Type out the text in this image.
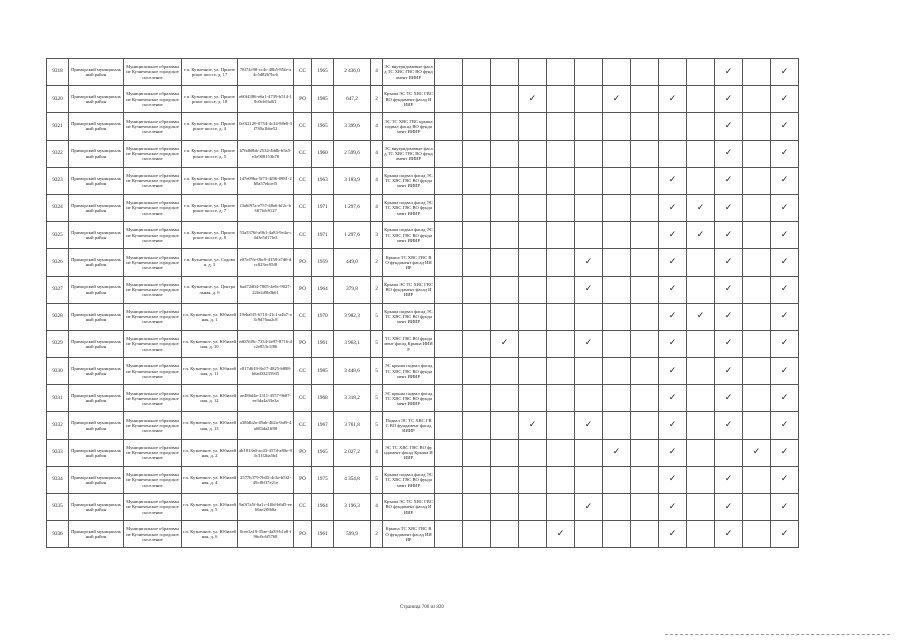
9318	Приморский муниципальный район	Муниципальное образование Кузнеченское городское поселение	г.п. Кузнечное, ул. Приозерское шоссе, д. 17	78f74c98-cc4c-48b5-85fe-a4c5d82b7bc6	СС	1965	2 436,0	4	ЭС внутридомовые фасад ТС ХВС ГВС ВО фундамент ИИИР											✓		✓
9320	Приморский муниципальный район	Муниципальное образование Кузнеченское городское поселение	г.п. Кузнечное, ул. Приозерское шоссе, д. 18	e60f4386-e6a1-4739-b514-19c0cfd3a0f1	РО	1985	647,2	2	Крыша ЭС ТС ХВС ГВС ВО фундамент фасад ИИИР				✓			✓		✓		✓		✓
9321	Приморский муниципальный район	Муниципальное образование Кузнеченское городское поселение	г.п. Кузнечное, ул. Приозерское шоссе, д. 4	0c0f2129-0754-4c34-98e0-3f730a1bbe52	СС	1965	3 399,6	4	ЭС ТС ХВС ГВС крыша подвал фасад ВО фундамент ИИИР											✓		✓
9322	Приморский муниципальный район	Муниципальное образование Кузнеченское городское поселение	г.п. Кузнечное, ул. Приозерское шоссе, д. 5	b76d68bb-2534-4ddb-b5a5-e3e908153b78	СС	1960	2 599,6	4	ЭС внутридомовые фасад ТС ХВС ГВС ВО фундамент ИИИР											✓		✓
9323	Приморский муниципальный район	Муниципальное образование Кузнеченское городское поселение	г.п. Кузнечное, ул. Приозерское шоссе, д. 6	1d7e09ba-5f73-4f96-8981-2b8a57ebcef5	СС	1963	3 183,9	4	Крыша подвал фасад ЭС ТС ХВС ГВС ВО фундамент ИИИР									✓		✓		✓
9324	Приморский муниципальный район	Муниципальное образование Кузнеченское городское поселение	г.п. Кузнечное, ул. Приозерское шоссе, д. 7	f3a6f97a-e757-48a6-bf2c-b3ff7fdc9127	СС	1971	1 297,6	4	Крыша подвал фасад ЭС ТС ХВС ГВС ВО фундамент ИИИР									✓	✓	✓		✓
9325	Приморский муниципальный район	Муниципальное образование Кузнеченское городское поселение	г.п. Кузнечное, ул. Приозерское шоссе, д. 8	53a5376f-a9b1-4a83-9e4a-c4d3e5d17fe3	СС	1971	1 297,6	3	Крыша подвал фасад ЭС ТС ХВС ГВС ВО фундамент ИИИР									✓	✓	✓		✓
9326	Приморский муниципальный район	Муниципальное образование Кузнеченское городское поселение	г.п. Кузнечное, ул. Садовая, д. 3	e07ef7fe-0bc9-4158-a7d6-dcc023ec95f8	РО	1959	449,0	2	Крыша ТС ХВС ГВС ВО фундамент фасад ИИИР						✓			✓		✓		✓
9327	Приморский муниципальный район	Муниципальное образование Кузнеченское городское поселение	г.п. Кузнечное, ул. Центральная, д. 6	6ad72d04-7805-4e6c-9027-22fe2d9b0b61	РО	1964	379,8	2	Крыша ЭС ТС ХВС ГВС ВО фундамент фасад ИИИР						✓			✓		✓		✓
9328	Приморский муниципальный район	Муниципальное образование Кузнеченское городское поселение	г.п. Кузнечное, ул. Юбилейная, д. 1	19eba5f5-6710-41c1-a4b7-a3c9d76aa2c8	СС	1970	3 982,3	5	Крыша подвал фасад ЭС ТС ХВС ГВС ВО фундамент ИИИР									✓	✓	✓		✓
9329	Приморский муниципальный район	Муниципальное образование Кузнеченское городское поселение	г.п. Кузнечное, ул. Юбилейная, д. 10	ed07fd9c-7334-4e97-8716-dc2e853c1f86	РО	1961	3 963,1	5	ТС ХВС ГВС ВО фундамент фасад Крыша ИИИР			✓			✓			✓		✓		✓
9330	Приморский муниципальный район	Муниципальное образование Кузнеченское городское поселение	г.п. Кузнечное, ул. Юбилейная, д. 11	c817d619-8a17-4825-b888-b6ad33235945	СС	1985	3 448,6	5	ЭС крыша подвал фасад ТС ХВС ГВС ВО фундамент ИИИР									✓		✓		✓
9331	Приморский муниципальный район	Муниципальное образование Кузнеченское городское поселение	г.п. Кузнечное, ул. Юбилейная, д. 12	ae486d4e-1311-4557-9b87-ee3da4a33e3a	СС	1968	3 318,2	5	ЭС крыша подвал фасад ТС ХВС ГВС ВО фундамент ИИИР									✓		✓		✓
9332	Приморский муниципальный район	Муниципальное образование Кузнеченское городское поселение	г.п. Кузнечное, ул. Юбилейная, д. 13	a38fdb2a-49ab-462a-9af9-4a683da2ff88	СС	1967	3 761,8	5	Подвал ЭС ТС ХВС ГВС ВО фундамент фасад ИИИР				✓		✓			✓		✓		✓
9333	Приморский муниципальный район	Муниципальное образование Кузнеченское городское поселение	г.п. Кузнечное, ул. Юбилейная, д. 2	ab1813a0-ac43-457d-a80e-93c31f2ba5b4	РО	1965	2 027,2	4	ЭС ТС ХВС ГВС ВО фундамент фасад Крыша ИИИР							✓		✓			✓	✓
9334	Приморский муниципальный район	Муниципальное образование Кузнеченское городское поселение	г.п. Кузнечное, ул. Юбилейная, д. 4	2577b379-7b05-4c3e-b5f2-49cf8f37e21e	РО	1975	4 354,8	5	Крыша подвал фасад ЭС ТС ХВС ГВС ВО фундамент ИИИР									✓		✓		✓
9335	Приморский муниципальный район	Муниципальное образование Кузнеченское городское поселение	г.п. Кузнечное, ул. Юбилейная, д. 5	9a0f7a5f-6a1c-4f0d-b6d5-ee60ae2f868a	СС	1964	3 196,3	4	Крыша ЭС ТС ХВС ГВС ВО фундамент фасад ИИИР						✓			✓		✓		✓
9336	Приморский муниципальный район	Муниципальное образование Кузнеченское городское поселение	г.п. Кузнечное, ул. Юбилейная, д. 6	0cee3a19-35ae-4a39-b1a8-f96c0c6f5768	РО	1961	599,9	2	Крыша ТС ХВС ГВС ВО фундамент фасад ИИИР					✓				✓		✓		✓
Страница 700 из 820
